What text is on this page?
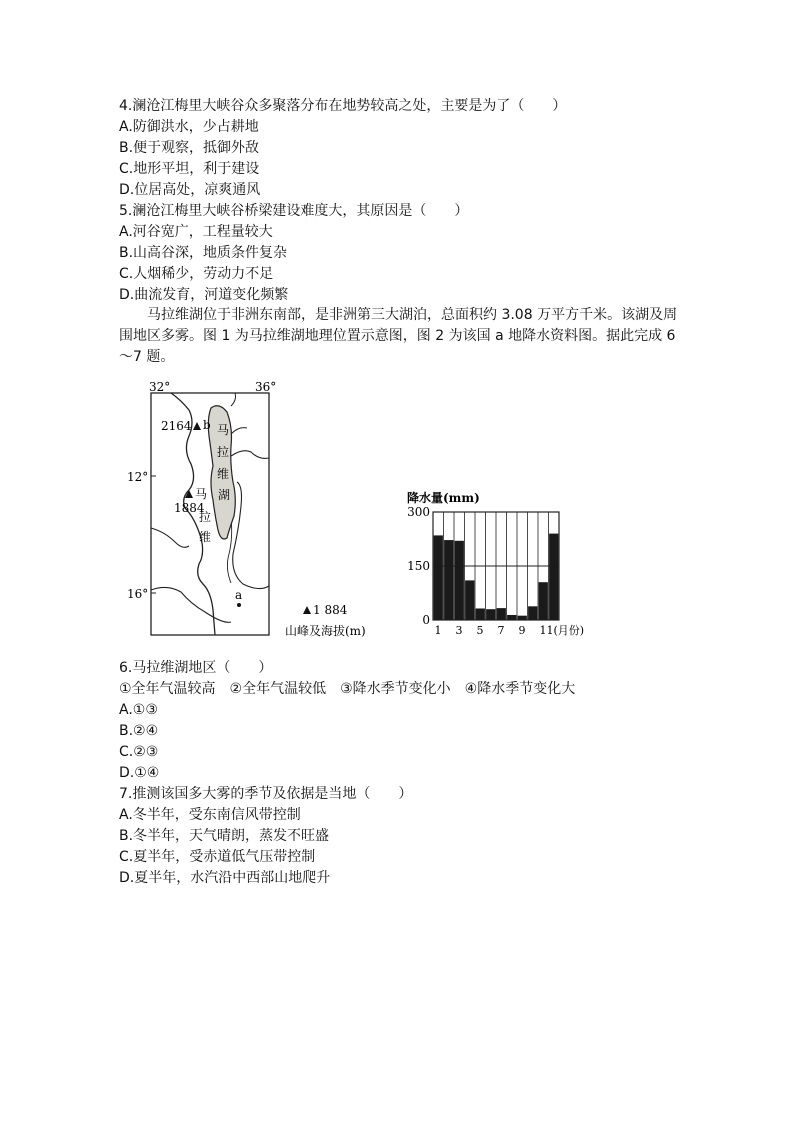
4.澜沧江梅里大峡谷众多聚落分布在地势较高之处，主要是为了（　　）
A.防御洪水，少占耕地
B.便于观察，抵御外敌
C.地形平坦，利于建设
D.位居高处，凉爽通风
5.澜沧江梅里大峡谷桥梁建设难度大，其原因是（　　）
A.河谷宽广，工程量较大
B.山高谷深，地质条件复杂
C.人烟稀少，劳动力不足
D.曲流发育，河道变化频繁
马拉维湖位于非洲东南部，是非洲第三大湖泊，总面积约 3.08 万平方千米。该湖及周围地区多雾。图 1 为马拉维湖地理位置示意图，图 2 为该国 a 地降水资料图。据此完成 6～7 题。
32°	36°
12°
16°
马
拉
维
湖
2164 b
马
1884
拉
维
a
1 884
山峰及海拔(m)
降水量(mm)
0
150
300
1 3 5 7 9 11(月份)
6.马拉维湖地区（　　）
①全年气温较高　②全年气温较低　③降水季节变化小　④降水季节变化大
A.①③
B.②④
C.②③
D.①④
7.推测该国多大雾的季节及依据是当地（　　）
A.冬半年，受东南信风带控制
B.冬半年，天气晴朗，蒸发不旺盛
C.夏半年，受赤道低气压带控制
D.夏半年，水汽沿中西部山地爬升
